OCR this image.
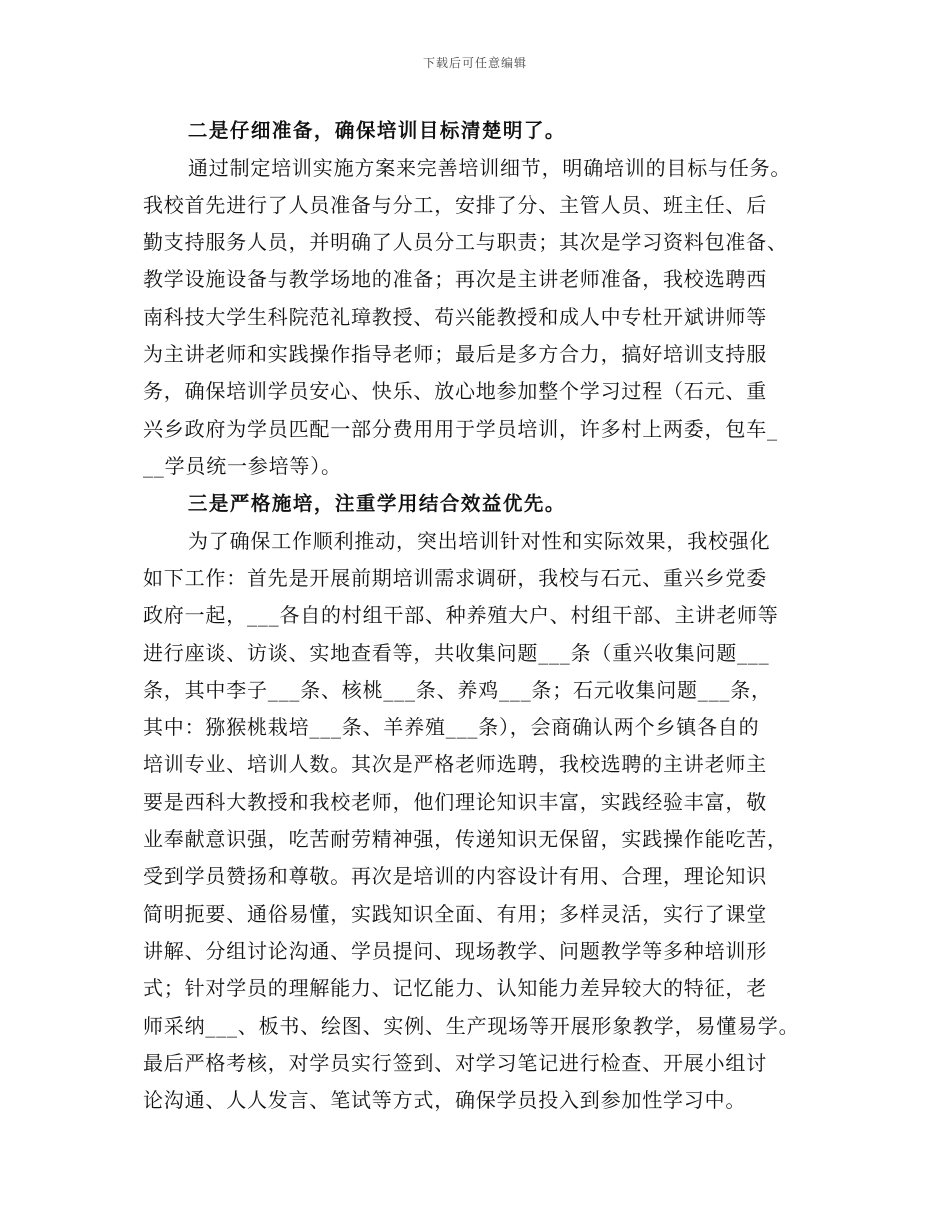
下载后可任意编辑
二是仔细准备，确保培训目标清楚明了。
通过制定培训实施方案来完善培训细节，明确培训的目标与任务。
我校首先进行了人员准备与分工，安排了分、主管人员、班主任、后
勤支持服务人员，并明确了人员分工与职责；其次是学习资料包准备、
教学设施设备与教学场地的准备；再次是主讲老师准备，我校选聘西
南科技大学生科院范礼璋教授、苟兴能教授和成人中专杜开斌讲师等
为主讲老师和实践操作指导老师；最后是多方合力，搞好培训支持服
务，确保培训学员安心、快乐、放心地参加整个学习过程（石元、重
兴乡政府为学员匹配一部分费用用于学员培训，许多村上两委，包车_
__学员统一参培等）。
三是严格施培，注重学用结合效益优先。
为了确保工作顺利推动，突出培训针对性和实际效果，我校强化
如下工作：首先是开展前期培训需求调研，我校与石元、重兴乡党委
政府一起，___各自的村组干部、种养殖大户、村组干部、主讲老师等
进行座谈、访谈、实地查看等，共收集问题___条（重兴收集问题___
条，其中李子___条、核桃___条、养鸡___条；石元收集问题___条，
其中：猕猴桃栽培___条、羊养殖___条），会商确认两个乡镇各自的
培训专业、培训人数。其次是严格老师选聘，我校选聘的主讲老师主
要是西科大教授和我校老师，他们理论知识丰富，实践经验丰富，敬
业奉献意识强，吃苦耐劳精神强，传递知识无保留，实践操作能吃苦，
受到学员赞扬和尊敬。再次是培训的内容设计有用、合理，理论知识
简明扼要、通俗易懂，实践知识全面、有用；多样灵活，实行了课堂
讲解、分组讨论沟通、学员提问、现场教学、问题教学等多种培训形
式；针对学员的理解能力、记忆能力、认知能力差异较大的特征，老
师采纳___、板书、绘图、实例、生产现场等开展形象教学，易懂易学。
最后严格考核，对学员实行签到、对学习笔记进行检查、开展小组讨
论沟通、人人发言、笔试等方式，确保学员投入到参加性学习中。
